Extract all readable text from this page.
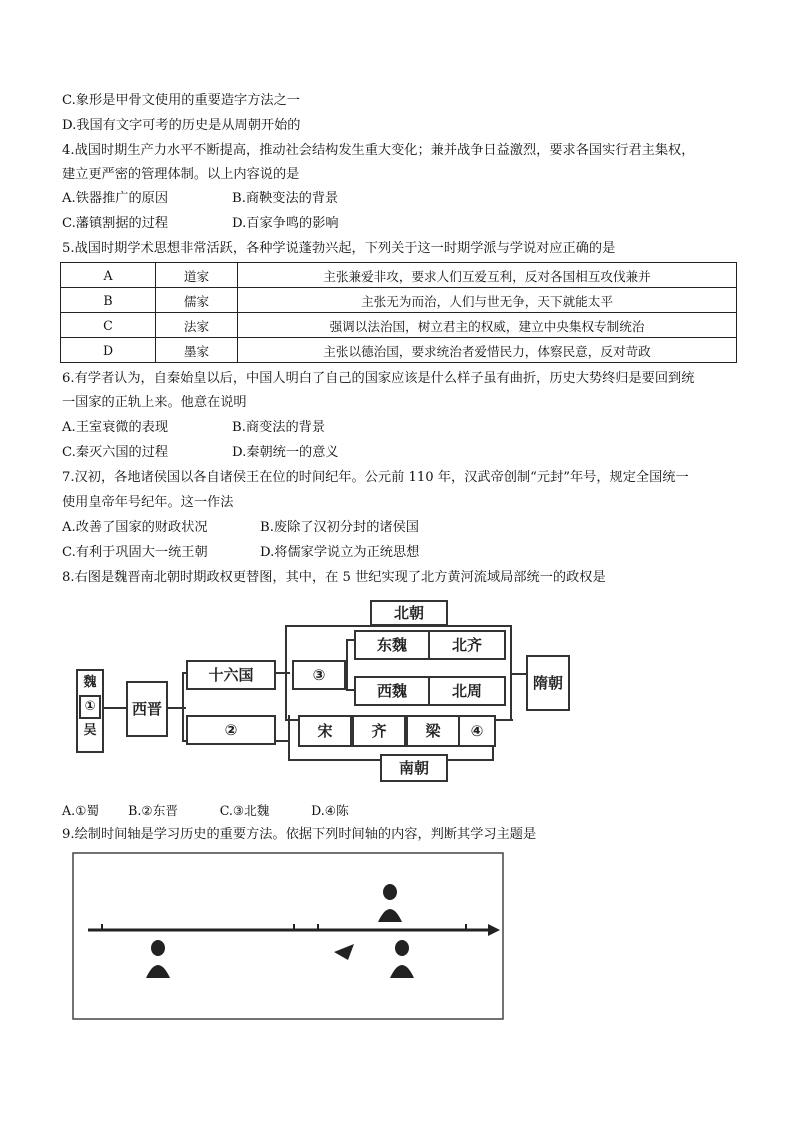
C.象形是甲骨文使用的重要造字方法之一
D.我国有文字可考的历史是从周朝开始的
4.战国时期生产力水平不断提高，推动社会结构发生重大变化；兼并战争日益激烈，要求各国实行君主集权，
建立更严密的管理体制。以上内容说的是
A.铁器推广的原因	B.商鞅变法的背景
C.藩镇割据的过程	D.百家争鸣的影响
5.战国时期学术思想非常活跃，各种学说蓬勃兴起，下列关于这一时期学派与学说对应正确的是
A	道家	主张兼爱非攻，要求人们互爱互利，反对各国相互攻伐兼并
B	儒家	主张无为而治，人们与世无争，天下就能太平
C	法家	强调以法治国，树立君主的权威，建立中央集权专制统治
D	墨家	主张以德治国，要求统治者爱惜民力，体察民意，反对苛政
6.有学者认为，自秦始皇以后，中国人明白了自己的国家应该是什么样子虽有曲折，历史大势终归是要回到统
一国家的正轨上来。他意在说明
A.王室衰微的表现	B.商变法的背景
C.秦灭六国的过程	D.秦朝统一的意义
7.汉初，各地诸侯国以各自诸侯王在位的时间纪年。公元前 110 年，汉武帝创制“元封”年号，规定全国统一
使用皇帝年号纪年。这一作法
A.改善了国家的财政状况	B.废除了汉初分封的诸侯国
C.有利于巩固大一统王朝	D.将儒家学说立为正统思想
8.右图是魏晋南北朝时期政权更替图，其中，在 5 世纪实现了北方黄河流域局部统一的政权是
魏
①
吴
西晋
十六国	③
北朝
东魏	北齐
西魏	北周	隋朝
②	宋	齐	梁	④
南朝
A.①蜀　　 B.②东晋　　　 C.③北魏　　　 D.④陈
9.绘制时间轴是学习历史的重要方法。依据下列时间轴的内容，判断其学习主题是
